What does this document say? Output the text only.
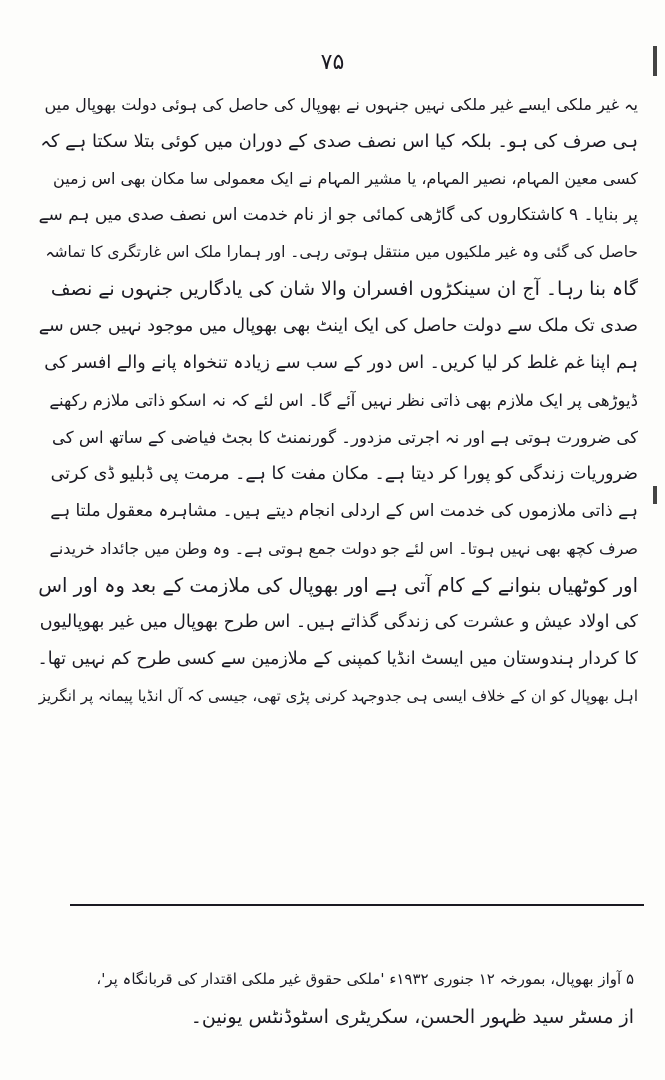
۷۵
یہ غیر ملکی ایسے غیر ملکی نہیں جنہوں نے بھوپال کی حاصل کی ہوئی دولت بھوپال میں
ہی صرف کی ہو۔ بلکہ کیا اس نصف صدی کے دوران میں کوئی بتلا سکتا ہے کہ
کسی معین المہام، نصیر المہام، یا مشیر المہام نے ایک معمولی سا مکان بھی اس زمین
پر بنایا۔ ۹ کاشتکاروں کی گاڑھی کمائی جو از نام خدمت اس نصف صدی میں ہم سے
حاصل کی گئی وہ غیر ملکیوں میں منتقل ہوتی رہی۔ اور ہمارا ملک اس غارتگری کا تماشہ
گاہ بنا رہا۔ آج ان سینکڑوں افسران والا شان کی یادگاریں جنہوں نے نصف
صدی تک ملک سے دولت حاصل کی ایک اینٹ بھی بھوپال میں موجود نہیں جس سے
ہم اپنا غم غلط کر لیا کریں۔ اس دور کے سب سے زیادہ تنخواہ پانے والے افسر کی
ڈیوڑھی پر ایک ملازم بھی ذاتی نظر نہیں آئے گا۔ اس لئے کہ نہ اسکو ذاتی ملازم رکھنے
کی ضرورت ہوتی ہے اور نہ اجرتی مزدور۔ گورنمنٹ کا بجٹ فیاضی کے ساتھ اس کی
ضروریات زندگی کو پورا کر دیتا ہے۔ مکان مفت کا ہے۔ مرمت پی ڈبلیو ڈی کرتی
ہے ذاتی ملازموں کی خدمت اس کے اردلی انجام دیتے ہیں۔ مشاہرہ معقول ملتا ہے
صرف کچھ بھی نہیں ہوتا۔ اس لئے جو دولت جمع ہوتی ہے۔ وہ وطن میں جائداد خریدنے
اور کوٹھیاں بنوانے کے کام آتی ہے اور بھوپال کی ملازمت کے بعد وہ اور اس
کی اولاد عیش و عشرت کی زندگی گذاتے ہیں۔ اس طرح بھوپال میں غیر بھوپالیوں
کا کردار ہندوستان میں ایسٹ انڈیا کمپنی کے ملازمین سے کسی طرح کم نہیں تھا۔
اہل بھوپال کو ان کے خلاف ایسی ہی جدوجہد کرنی پڑی تھی، جیسی کہ آل انڈیا پیمانہ پر انگریز
۵ آواز بھوپال، بمورخہ ۱۲ جنوری ۱۹۳۲ء 'ملکی حقوق غیر ملکی اقتدار کی قربانگاہ پر'،
از مسٹر سید ظہور الحسن، سکریٹری اسٹوڈنٹس یونین۔
